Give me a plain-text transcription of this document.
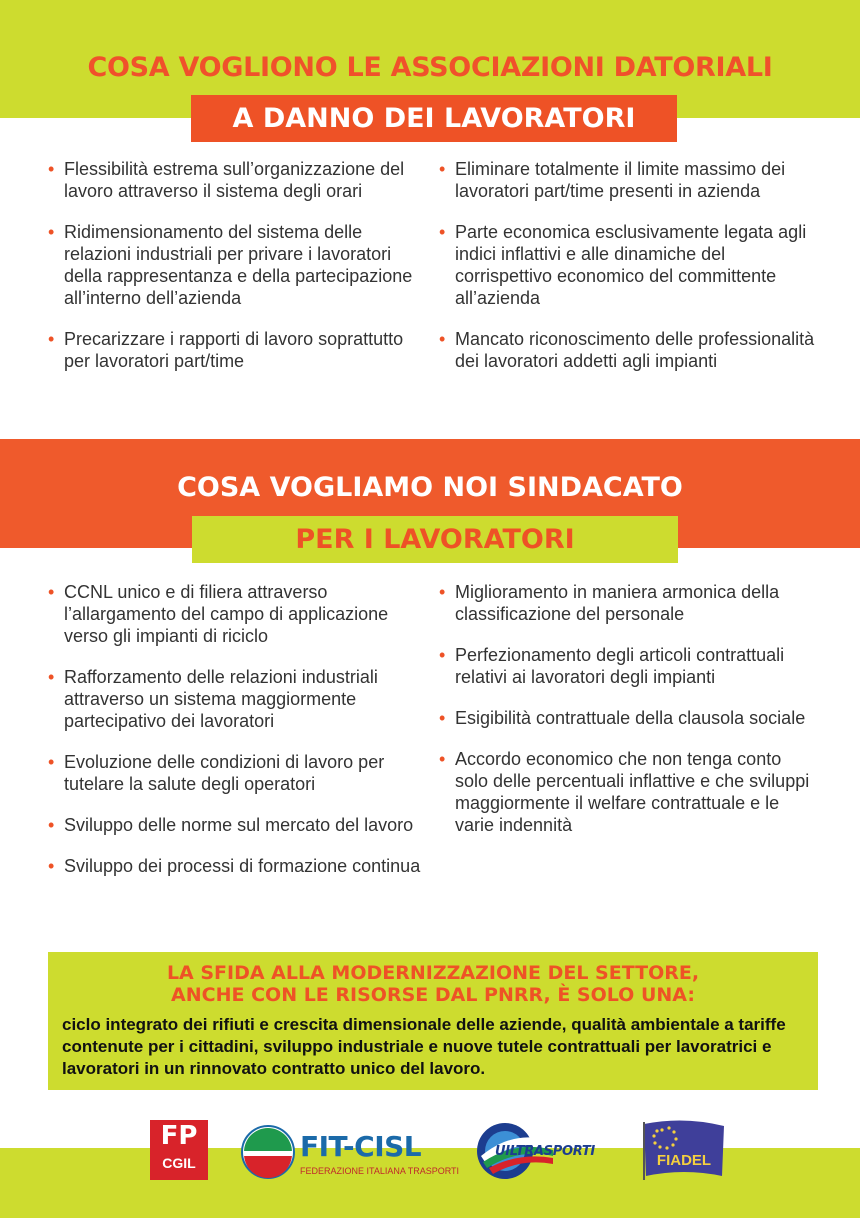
COSA VOGLIONO LE ASSOCIAZIONI DATORIALI
A DANNO DEI LAVORATORI
• Flessibilità estrema sull’organizzazione del lavoro attraverso il sistema degli orari
• Ridimensionamento del sistema delle relazioni industriali per privare i lavoratori della rappresentanza e della partecipazione all’interno dell’azienda
• Precarizzare i rapporti di lavoro soprattutto per lavoratori part/time
• Eliminare totalmente il limite massimo dei lavoratori part/time presenti in azienda
• Parte economica esclusivamente legata agli indici inflattivi e alle dinamiche del corrispettivo economico del committente all’azienda
• Mancato riconoscimento delle professionalità dei lavoratori addetti agli impianti
COSA VOGLIAMO NOI SINDACATO
PER I LAVORATORI
• CCNL unico e di filiera attraverso l’allargamento del campo di applicazione verso gli impianti di riciclo
• Rafforzamento delle relazioni industriali attraverso un sistema maggiormente partecipativo dei lavoratori
• Evoluzione delle condizioni di lavoro per tutelare la salute degli operatori
• Sviluppo delle norme sul mercato del lavoro
• Sviluppo dei processi di formazione continua
• Miglioramento in maniera armonica della classificazione del personale
• Perfezionamento degli articoli contrattuali relativi ai lavoratori degli impianti
• Esigibilità contrattuale della clausola sociale
• Accordo economico che non tenga conto solo delle percentuali inflattive e che sviluppi maggiormente il welfare contrattuale e le varie indennità
LA SFIDA ALLA MODERNIZZAZIONE DEL SETTORE,
ANCHE CON LE RISORSE DAL PNRR, È SOLO UNA:
ciclo integrato dei rifiuti e crescita dimensionale delle aziende, qualità ambientale a tariffe contenute per i cittadini, sviluppo industriale e nuove tutele contrattuali per lavoratrici e lavoratori in un rinnovato contratto unico del lavoro.
FP
CGIL	FIT-CISL
FEDERAZIONE ITALIANA TRASPORTI
UILTRASPORTI
FIADEL
